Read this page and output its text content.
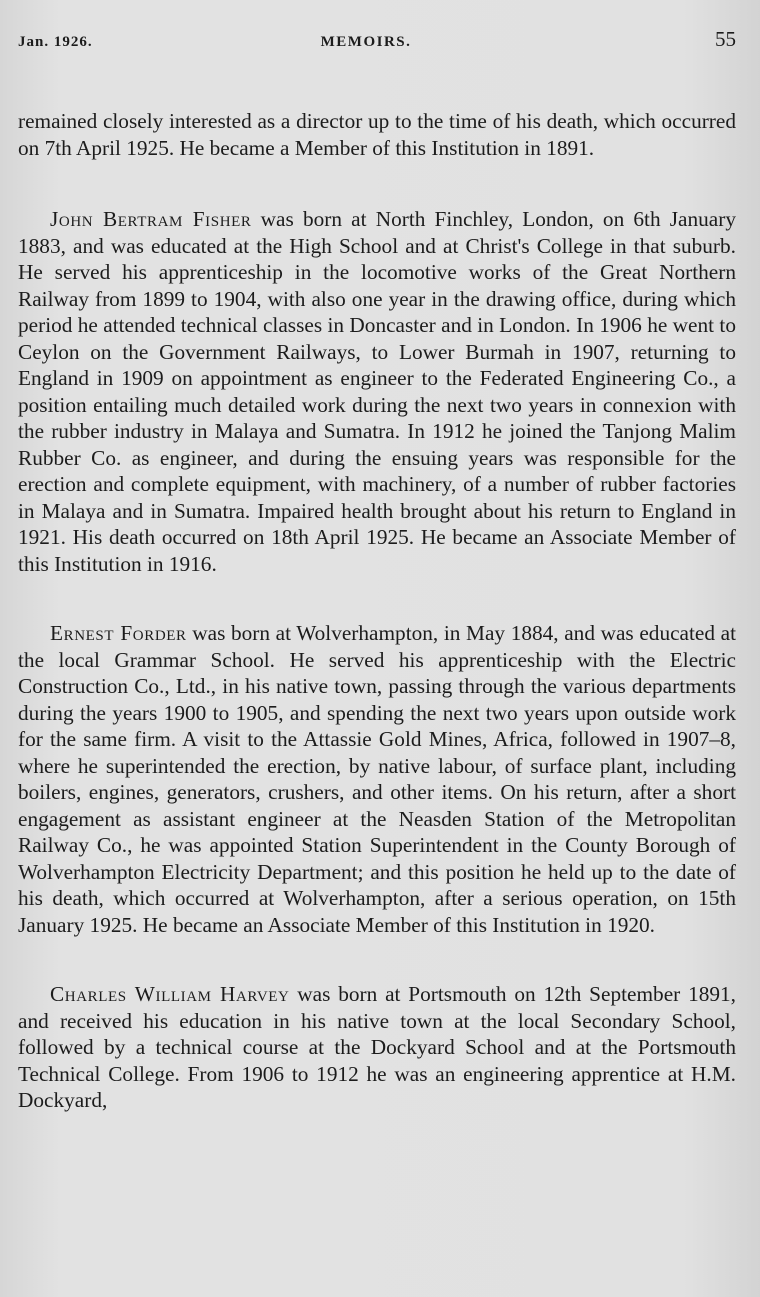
Jan. 1926.	MEMOIRS.	55

remained closely interested as a director up to the time of his death, which occurred on 7th April 1925. He became a Member of this Institution in 1891.

John Bertram Fisher was born at North Finchley, London, on 6th January 1883, and was educated at the High School and at Christ's College in that suburb. He served his apprenticeship in the locomotive works of the Great Northern Railway from 1899 to 1904, with also one year in the drawing office, during which period he attended technical classes in Doncaster and in London. In 1906 he went to Ceylon on the Government Railways, to Lower Burmah in 1907, returning to England in 1909 on appointment as engineer to the Federated Engineering Co., a position entailing much detailed work during the next two years in connexion with the rubber industry in Malaya and Sumatra. In 1912 he joined the Tanjong Malim Rubber Co. as engineer, and during the ensuing years was responsible for the erection and complete equipment, with machinery, of a number of rubber factories in Malaya and in Sumatra. Impaired health brought about his return to England in 1921. His death occurred on 18th April 1925. He became an Associate Member of this Institution in 1916.

Ernest Forder was born at Wolverhampton, in May 1884, and was educated at the local Grammar School. He served his apprenticeship with the Electric Construction Co., Ltd., in his native town, passing through the various departments during the years 1900 to 1905, and spending the next two years upon outside work for the same firm. A visit to the Attassie Gold Mines, Africa, followed in 1907–8, where he superintended the erection, by native labour, of surface plant, including boilers, engines, generators, crushers, and other items. On his return, after a short engagement as assistant engineer at the Neasden Station of the Metropolitan Railway Co., he was appointed Station Superintendent in the County Borough of Wolverhampton Electricity Department; and this position he held up to the date of his death, which occurred at Wolverhampton, after a serious operation, on 15th January 1925. He became an Associate Member of this Institution in 1920.

Charles William Harvey was born at Portsmouth on 12th September 1891, and received his education in his native town at the local Secondary School, followed by a technical course at the Dockyard School and at the Portsmouth Technical College. From 1906 to 1912 he was an engineering apprentice at H.M. Dockyard,
